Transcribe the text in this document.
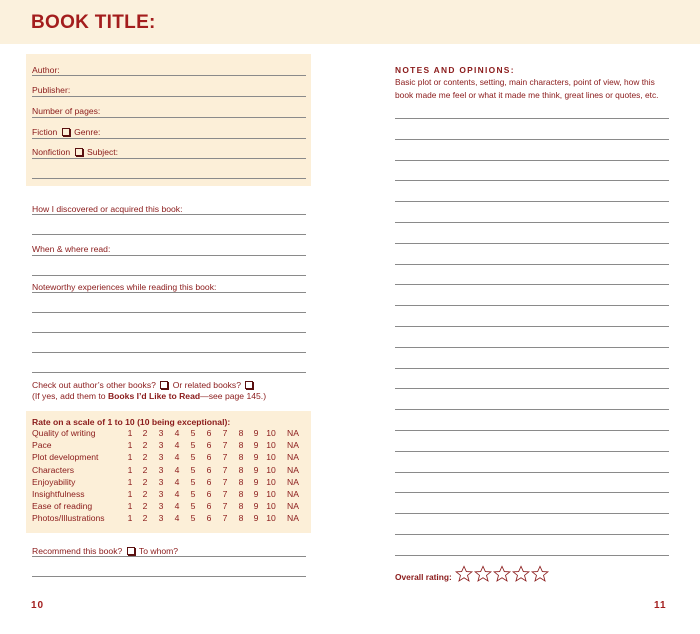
BOOK TITLE:
Author:
Publisher:
Number of pages:
Fiction Genre:
Nonfiction Subject:
How I discovered or acquired this book:
When & where read:
Noteworthy experiences while reading this book:
Check out author’s other books? Or related books?
(If yes, add them to Books I’d Like to Read—see page 145.)
Rate on a scale of 1 to 10 (10 being exceptional):
Quality of writing	1	2	3	4	5	6	7	8	9 10	NA
Pace	1	2	3	4	5	6	7	8	9 10	NA
Plot development	1	2	3	4	5	6	7	8	9 10	NA
Characters	1	2	3	4	5	6	7	8	9 10	NA
Enjoyability	1	2	3	4	5	6	7	8	9 10	NA
Insightfulness	1	2	3	4	5	6	7	8	9 10	NA
Ease of reading	1	2	3	4	5	6	7	8	9 10	NA
Photos/Illustrations	1	2	3	4	5	6	7	8	9 10	NA
Recommend this book? To whom?
10
NOTES AND OPINIONS:
Basic plot or contents, setting, main characters, point of view, how this book made me feel or what it made me think, great lines or quotes, etc.
Overall rating:
11
